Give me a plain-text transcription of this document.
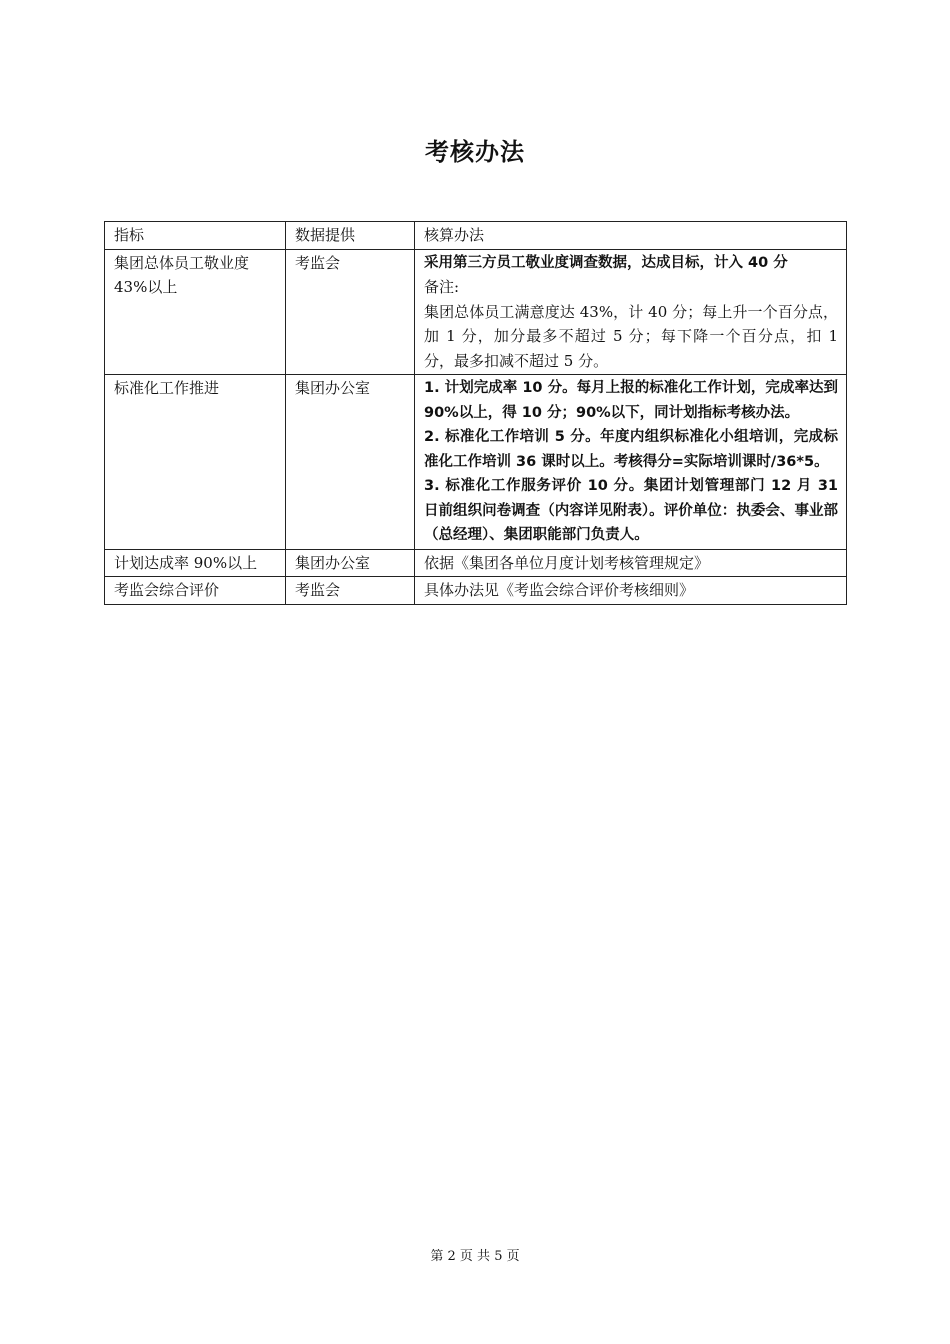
考核办法
指标	数据提供	核算办法
集团总体员工敬业度43%以上	考监会	采用第三方员工敬业度调查数据，达成目标，计入 40 分
备注:
集团总体员工满意度达 43%，计 40 分；每上升一个百分点，加 1 分，加分最多不超过 5 分；每下降一个百分点，扣 1 分，最多扣减不超过 5 分。

标准化工作推进	集团办公室	1. 计划完成率 10 分。每月上报的标准化工作计划，完成率达到 90%以上，得 10 分；90%以下，同计划指标考核办法。
2. 标准化工作培训 5 分。年度内组织标准化小组培训，完成标准化工作培训 36 课时以上。考核得分=实际培训课时/36*5。
3. 标准化工作服务评价 10 分。集团计划管理部门 12 月 31 日前组织问卷调查（内容详见附表）。评价单位：执委会、事业部（总经理）、集团职能部门负责人。

计划达成率 90%以上	集团办公室	依据《集团各单位月度计划考核管理规定》
考监会综合评价	考监会	具体办法见《考监会综合评价考核细则》
第 2 页 共 5 页
